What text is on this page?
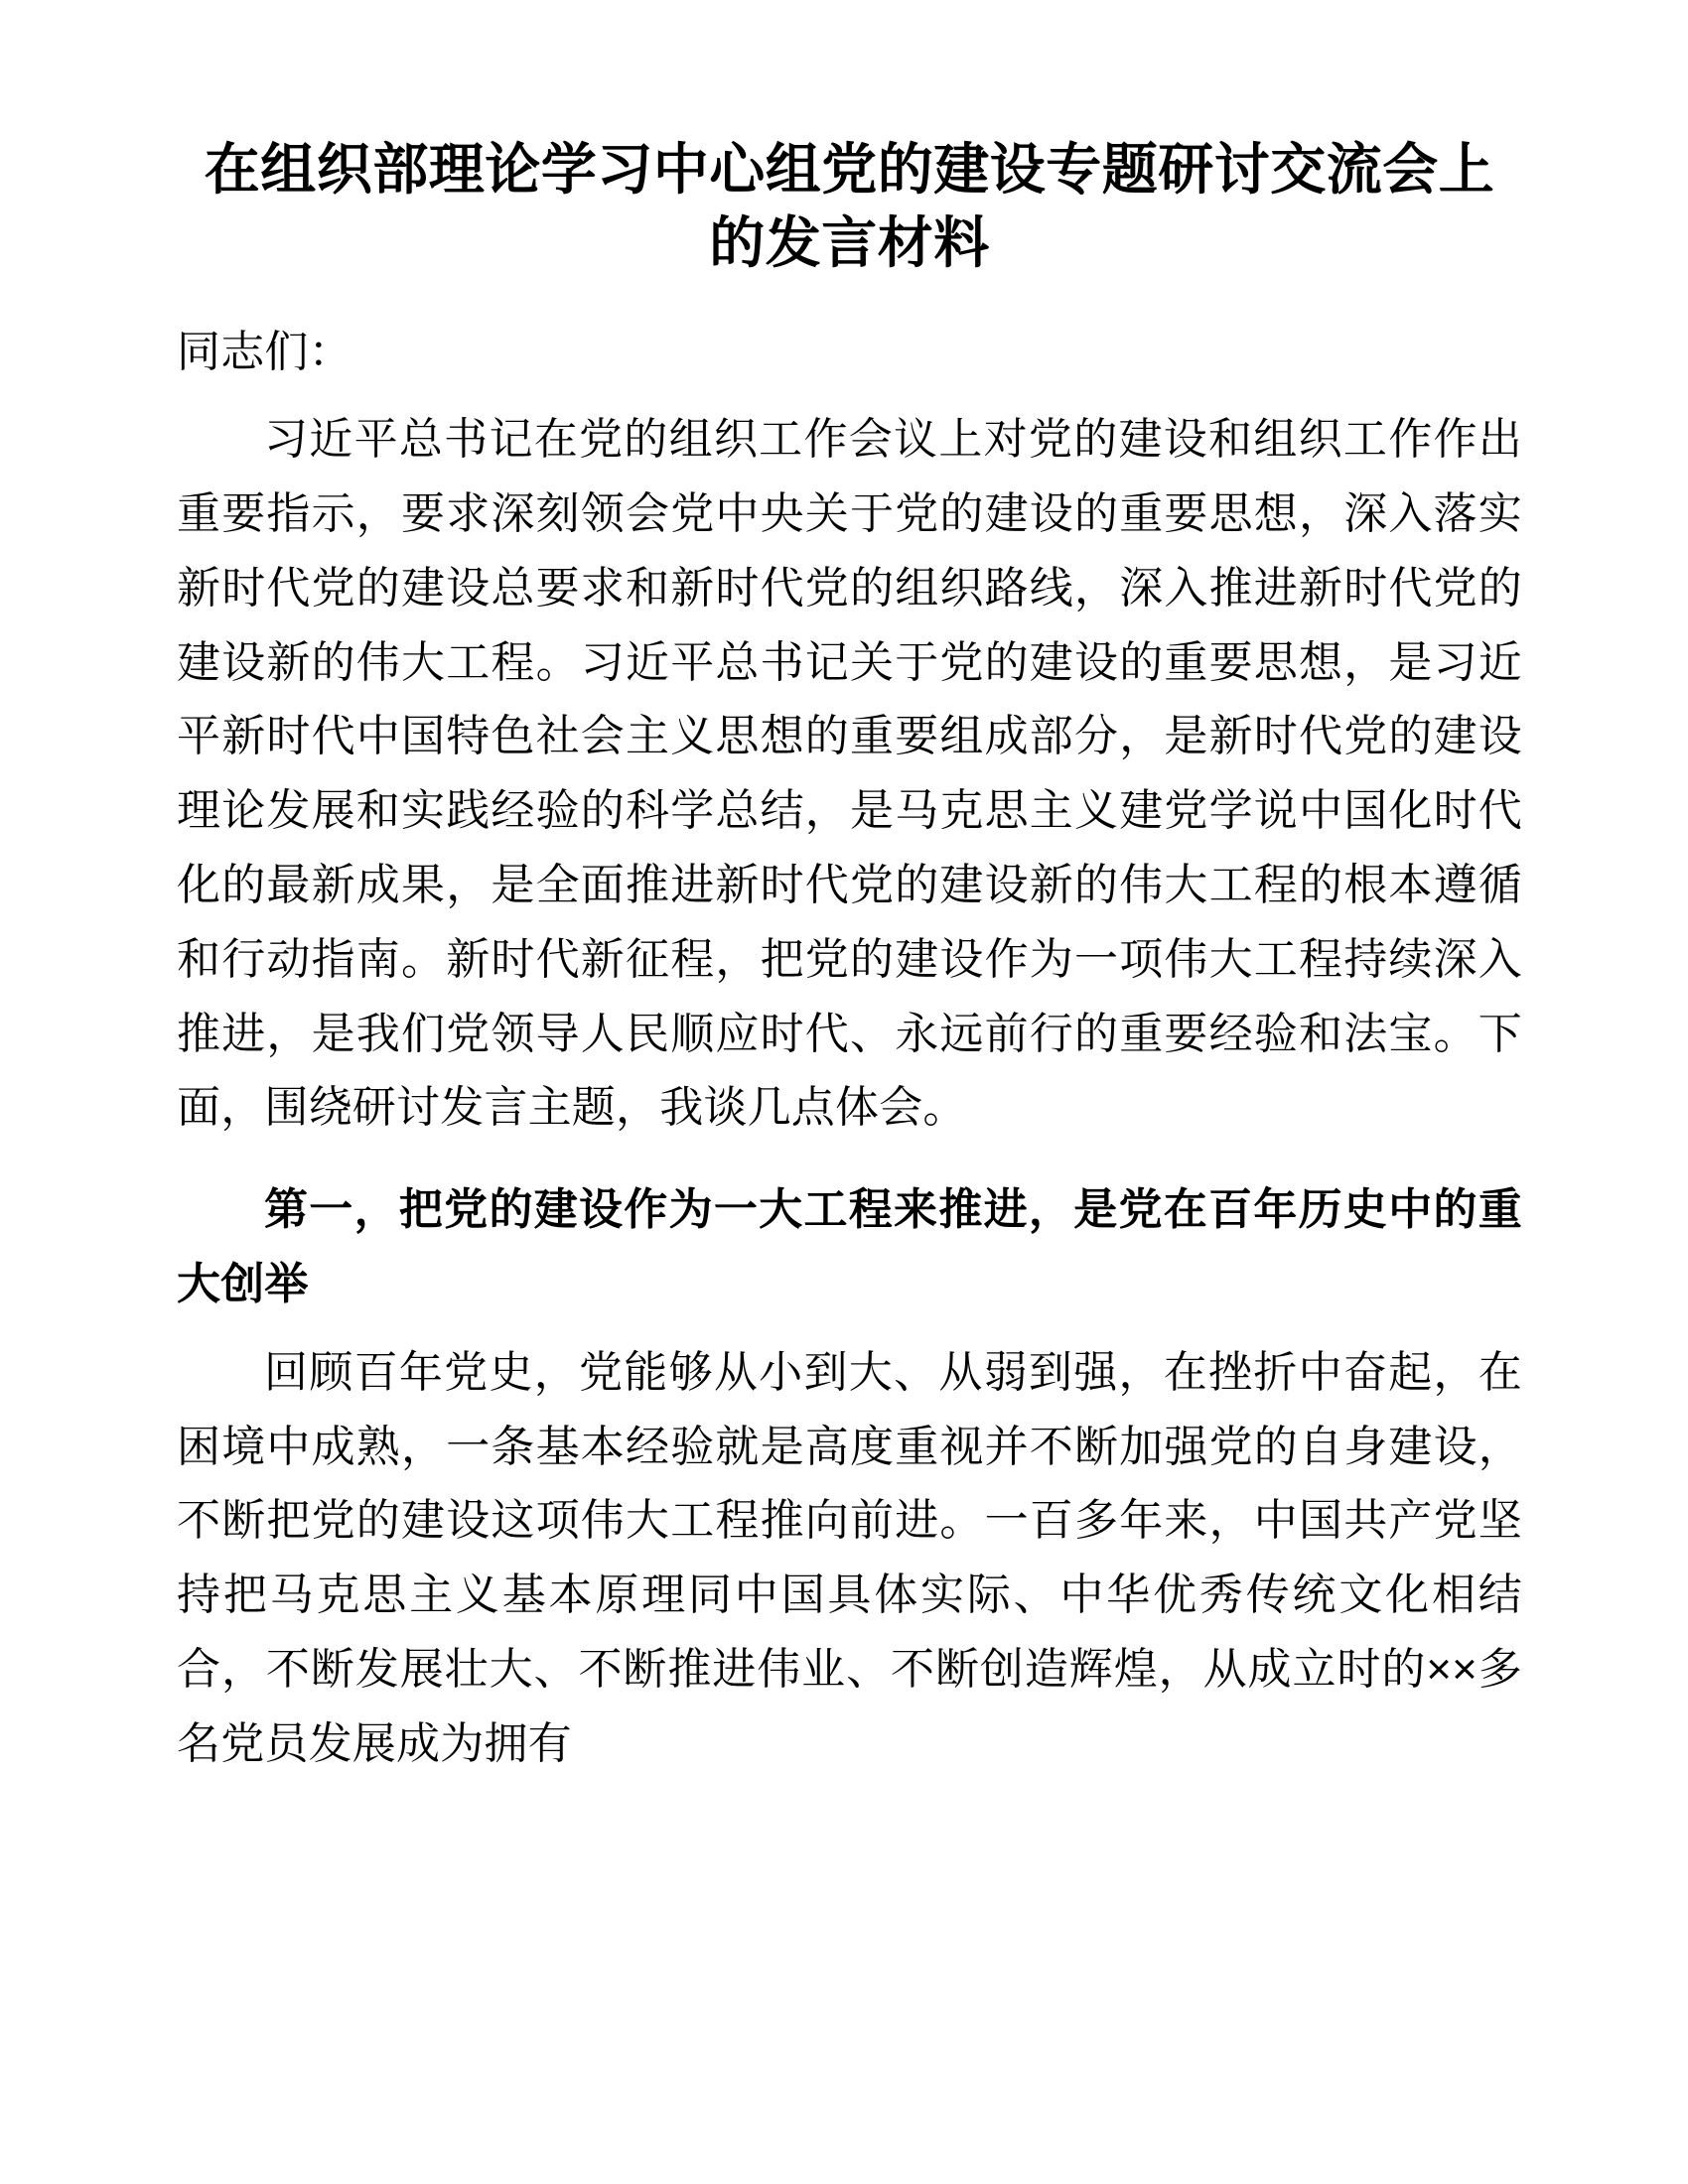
在组织部理论学习中心组党的建设专题研讨交流会上的发言材料

同志们：

习近平总书记在党的组织工作会议上对党的建设和组织工作作出重要指示，要求深刻领会党中央关于党的建设的重要思想，深入落实新时代党的建设总要求和新时代党的组织路线，深入推进新时代党的建设新的伟大工程。习近平总书记关于党的建设的重要思想，是习近平新时代中国特色社会主义思想的重要组成部分，是新时代党的建设理论发展和实践经验的科学总结，是马克思主义建党学说中国化时代化的最新成果，是全面推进新时代党的建设新的伟大工程的根本遵循和行动指南。新时代新征程，把党的建设作为一项伟大工程持续深入推进，是我们党领导人民顺应时代、永远前行的重要经验和法宝。下面，围绕研讨发言主题，我谈几点体会。

第一，把党的建设作为一大工程来推进，是党在百年历史中的重大创举

回顾百年党史，党能够从小到大、从弱到强，在挫折中奋起，在困境中成熟，一条基本经验就是高度重视并不断加强党的自身建设，不断把党的建设这项伟大工程推向前进。一百多年来，中国共产党坚持把马克思主义基本原理同中国具体实际、中华优秀传统文化相结合，不断发展壮大、不断推进伟业、不断创造辉煌，从成立时的××多名党员发展成为拥有
